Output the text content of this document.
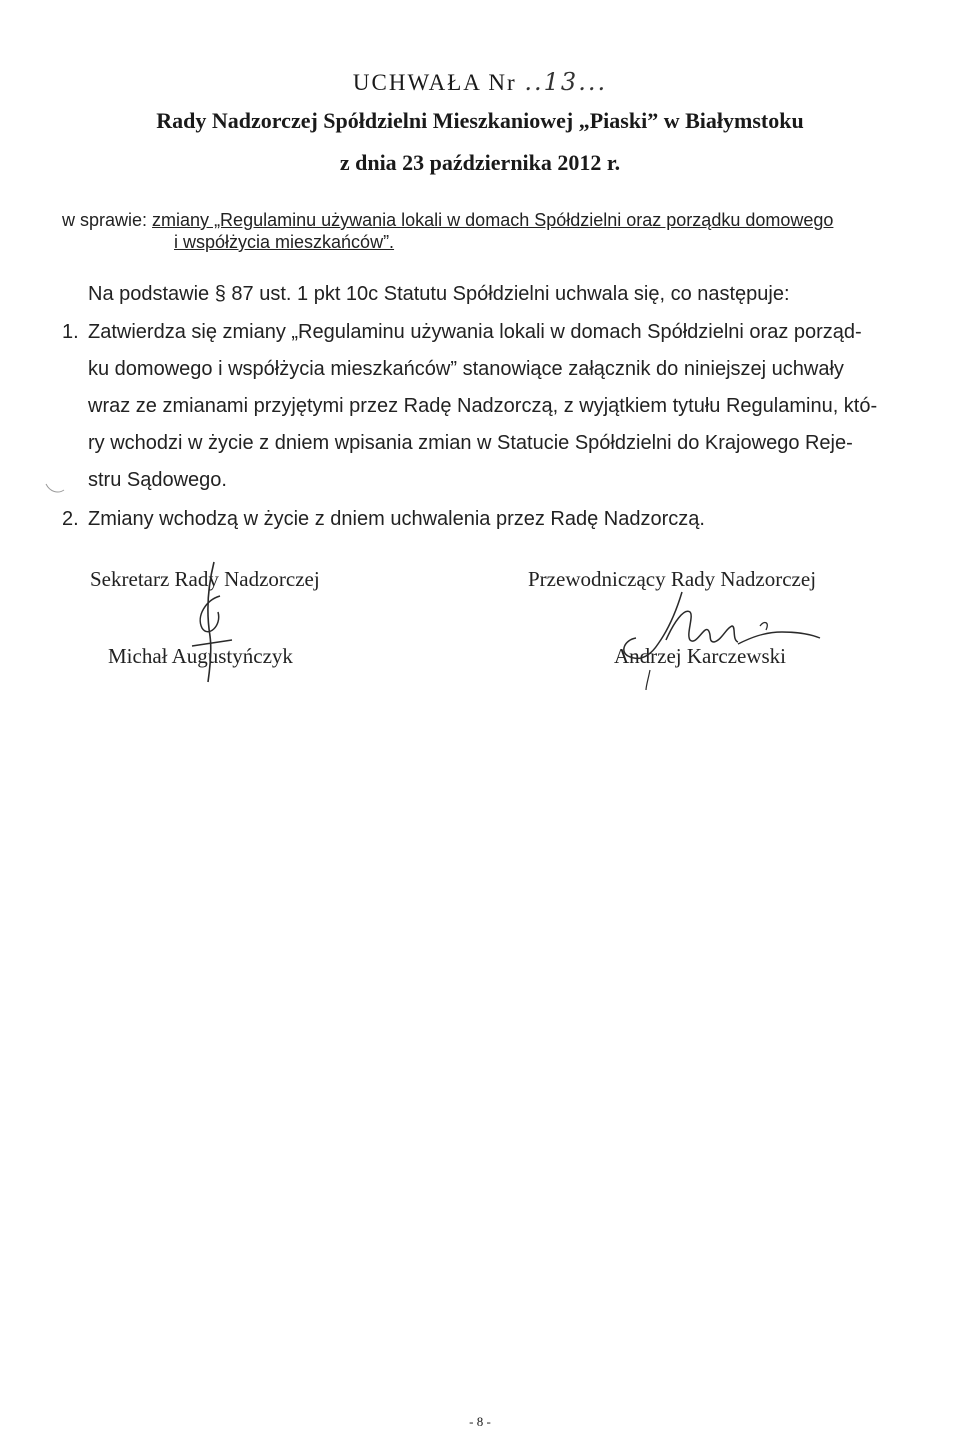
UCHWAŁA Nr ..13...
Rady Nadzorczej Spółdzielni Mieszkaniowej „Piaski” w Białymstoku
z dnia 23 października 2012 r.
w sprawie: zmiany „Regulaminu używania lokali w domach Spółdzielni oraz porządku domowego
i współżycia mieszkańców”.
Na podstawie § 87 ust. 1 pkt 10c Statutu Spółdzielni uchwala się, co następuje:
1. Zatwierdza się zmiany „Regulaminu używania lokali w domach Spółdzielni oraz porząd-
ku domowego i współżycia mieszkańców” stanowiące załącznik do niniejszej uchwały
wraz ze zmianami przyjętymi przez Radę Nadzorczą, z wyjątkiem tytułu Regulaminu, któ-
ry wchodzi w życie z dniem wpisania zmian w Statucie Spółdzielni do Krajowego Reje-
stru Sądowego.
2. Zmiany wchodzą w życie z dniem uchwalenia przez Radę Nadzorczą.
Sekretarz Rady Nadzorczej
Michał Augustyńczyk
Przewodniczący Rady Nadzorczej
Andrzej Karczewski
- 8 -
